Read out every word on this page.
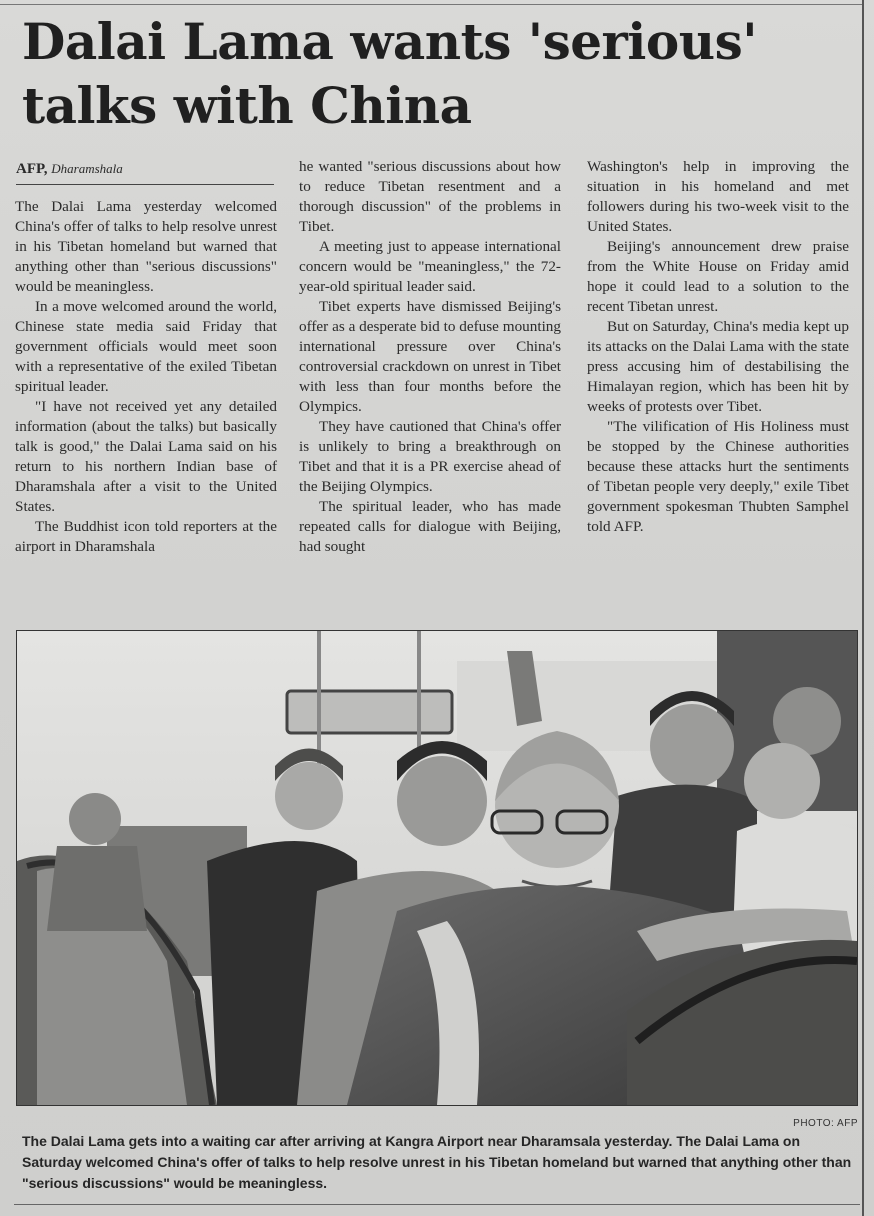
Dalai Lama wants 'serious' talks with China
AFP, Dharamshala

The Dalai Lama yesterday welcomed China's offer of talks to help resolve unrest in his Tibetan homeland but warned that anything other than "serious discussions" would be meaningless.

In a move welcomed around the world, Chinese state media said Friday that government officials would meet soon with a representative of the exiled Tibetan spiritual leader.

"I have not received yet any detailed information (about the talks) but basically talk is good," the Dalai Lama said on his return to his northern Indian base of Dharamshala after a visit to the United States.

The Buddhist icon told reporters at the airport in Dharamshala

he wanted "serious discussions about how to reduce Tibetan resentment and a thorough discussion" of the problems in Tibet.

A meeting just to appease international concern would be "meaningless," the 72-year-old spiritual leader said.

Tibet experts have dismissed Beijing's offer as a desperate bid to defuse mounting international pressure over China's controversial crackdown on unrest in Tibet with less than four months before the Olympics.

They have cautioned that China's offer is unlikely to bring a breakthrough on Tibet and that it is a PR exercise ahead of the Beijing Olympics.

The spiritual leader, who has made repeated calls for dialogue with Beijing, had sought

Washington's help in improving the situation in his homeland and met followers during his two-week visit to the United States.

Beijing's announcement drew praise from the White House on Friday amid hope it could lead to a solution to the recent Tibetan unrest.

But on Saturday, China's media kept up its attacks on the Dalai Lama with the state press accusing him of destabilising the Himalayan region, which has been hit by weeks of protests over Tibet.

"The vilification of His Holiness must be stopped by the Chinese authorities because these attacks hurt the sentiments of Tibetan people very deeply," exile Tibet government spokesman Thubten Samphel told AFP.

PHOTO: AFP
The Dalai Lama gets into a waiting car after arriving at Kangra Airport near Dharamsala yesterday. The Dalai Lama on Saturday welcomed China's offer of talks to help resolve unrest in his Tibetan homeland but warned that anything other than "serious discussions" would be meaningless.
